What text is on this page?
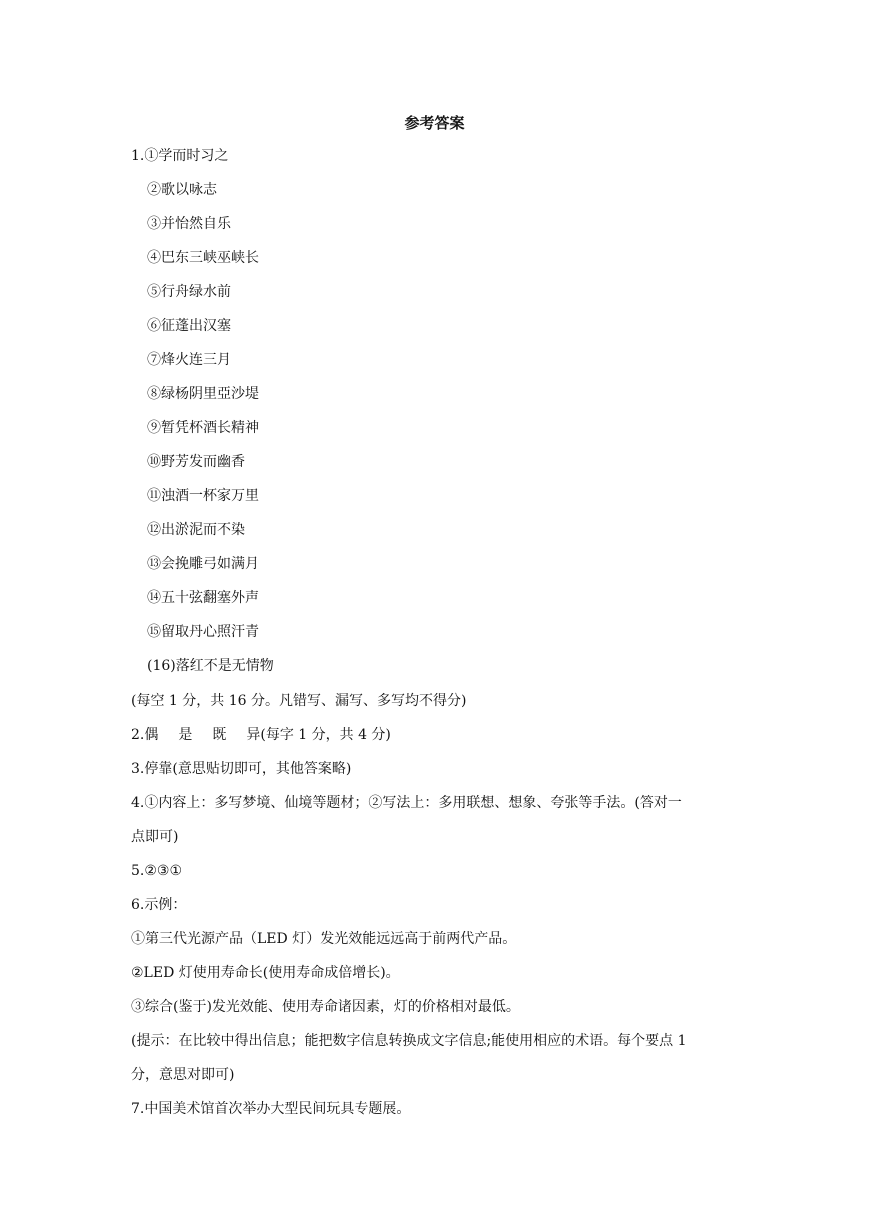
参考答案
1.①学而时习之
②歌以咏志
③并怡然自乐
④巴东三峡巫峡长
⑤行舟绿水前
⑥征蓬出汉塞
⑦烽火连三月
⑧绿杨阴里亞沙堤
⑨暂凭杯酒长精神
⑩野芳发而幽香
⑪浊酒一杯家万里
⑫出淤泥而不染
⑬会挽雕弓如满月
⑭五十弦翻塞外声
⑮留取丹心照汗青
(16)落红不是无情物
(每空 1 分，共 16 分。凡错写、漏写、多写均不得分)
2.偶 是 既 异(每字 1 分，共 4 分)
3.停靠(意思贴切即可，其他答案略)
4.①内容上：多写梦境、仙境等题材；②写法上：多用联想、想象、夸张等手法。(答对一
点即可)
5.②③①
6.示例：
①第三代光源产品（LED 灯）发光效能远远高于前两代产品。
②LED 灯使用寿命长(使用寿命成倍增长)。
③综合(鉴于)发光效能、使用寿命诸因素，灯的价格相对最低。
(提示：在比较中得出信息；能把数字信息转换成文字信息;能使用相应的术语。每个要点 1
分，意思对即可)
7.中国美术馆首次举办大型民间玩具专题展。
